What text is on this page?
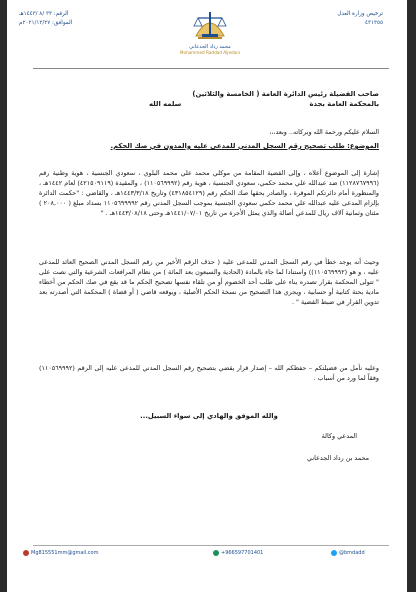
ترخيص وزارة العدل
٤٣١٣٥٥
محمد رداد الجدعاني
Mohammed Raddad Aljedani
الرقم: ٣٣ /٨ /١٤٤٣هـ
الموافق: ٢٠٢١/١٢/٢٧م
صاحب الفضيلة رئيس الدائرة العامة ( الخامسة والثلاثين)
بالمحكمة العامة بجدة
سلمه الله
السلام عليكم ورحمة الله وبركاته.. وبعد،،،
الموضوع: طلب تصحيح رقم السجل المدني للمدعى عليه والمدون في صك الحكم.
إشارة إلى الموضوع أعلاه ، وإلى القضية المقامة من موكلي محمد علي محمد البلوي ، سعودي الجنسية ، هوية وطنية رقم (١١٢٨٧٦٧٩٩٦) ضد عبدالله علي محمد حكمي، سعودي الجنسية ، هوية رقم (١١٠٥٦٩٩٩٢) ، والمقيدة (٤٢١٥٠٩١١٩) لعام ١٤٤٢هـ ، والمنظورة أمام دائرتكم الموقرة ، والصادر بحقها صك الحكم رقم (٤٣١٨٥٤١٢٩) وتاريخ ١٤٤٣/٣/١٨هـ ، والقاضي : "حكمت الدائرة بإلزام المدعى عليه عبدالله علي محمد حكمي سعودي الجنسية بموجب السجل المدني رقم ١١٠٥٦٩٩٩٩٢ بسداد مبلغ ( ٢٠٨,٠٠٠ ) مئتان وثمانية آلاف ريال للمدعي أصالة والذي يمثل الأجرة من تاريخ ١٤٤١/٠٧/٠١هـ وحتى ١٤٤٣/٠٨/١٨هـ . "
وحيث أنه يوجد خطأ في رقم السجل المدني للمدعى عليه ( حذف الرقم الأخير من رقم السجل المدني الصحيح العائد للمدعى عليه ، و هو (١١٠٥٦٩٩٩٢)) واستنادا لما جاء بالمادة (الحادية والسبعون بعد المائة ) من نظام المرافعات الشرعية والتي نصت على " تتولى المحكمة بقرار تصدره بناء على طلب أحد الخصوم أو من تلقاء نفسها تصحيح الحكم ما قد يقع في صك الحكم من أخطاء مادية بحتة كتابية أو حسابية ، ويجري هذا التصحيح من نسخة الحكم الأصلية ، ويوقعه قاضي ( أو قضاة ) المحكمة التي أصدرته بعد تدوين القرار في ضبط القضية " .
وعليه نأمل من فضيلتكم – حفظكم الله – إصدار قرار يقضي بتصحيح رقم السجل المدني للمدعى عليه إلى الرقم (١١٠٥٦٩٩٩٢) وفقاً لما ورد من أسباب .
والله الموفق والهادي إلى سواء السبيل...
المدعي وكالة
محمد بن رداد الجدعاني
Mg815551mm@gmail.com	+966597701401	@bmdadd
